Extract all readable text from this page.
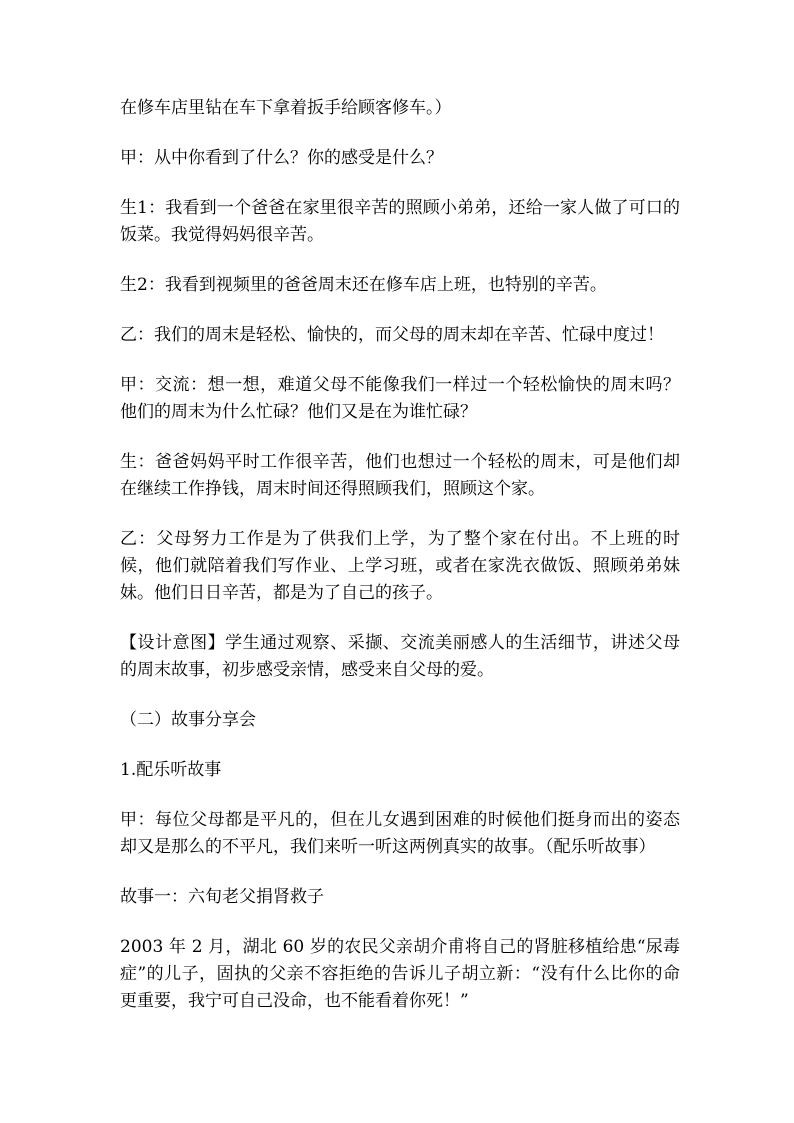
在修车店里钻在车下拿着扳手给顾客修车。）

甲：从中你看到了什么？你的感受是什么？

生1：我看到一个爸爸在家里很辛苦的照顾小弟弟，还给一家人做了可口的饭菜。我觉得妈妈很辛苦。

生2：我看到视频里的爸爸周末还在修车店上班，也特别的辛苦。

乙：我们的周末是轻松、愉快的，而父母的周末却在辛苦、忙碌中度过！

甲：交流：想一想，难道父母不能像我们一样过一个轻松愉快的周末吗？他们的周末为什么忙碌？他们又是在为谁忙碌？

生：爸爸妈妈平时工作很辛苦，他们也想过一个轻松的周末，可是他们却在继续工作挣钱，周末时间还得照顾我们，照顾这个家。

乙：父母努力工作是为了供我们上学，为了整个家在付出。不上班的时候，他们就陪着我们写作业、上学习班，或者在家洗衣做饭、照顾弟弟妹妹。他们日日辛苦，都是为了自己的孩子。

【设计意图】学生通过观察、采撷、交流美丽感人的生活细节，讲述父母的周末故事，初步感受亲情，感受来自父母的爱。

（二）故事分享会

1.配乐听故事

甲：每位父母都是平凡的，但在儿女遇到困难的时候他们挺身而出的姿态却又是那么的不平凡，我们来听一听这两例真实的故事。（配乐听故事）

故事一：六旬老父捐肾救子

2003 年 2 月，湖北 60 岁的农民父亲胡介甫将自己的肾脏移植给患“尿毒症”的儿子，固执的父亲不容拒绝的告诉儿子胡立新：“没有什么比你的命更重要，我宁可自己没命，也不能看着你死！”
